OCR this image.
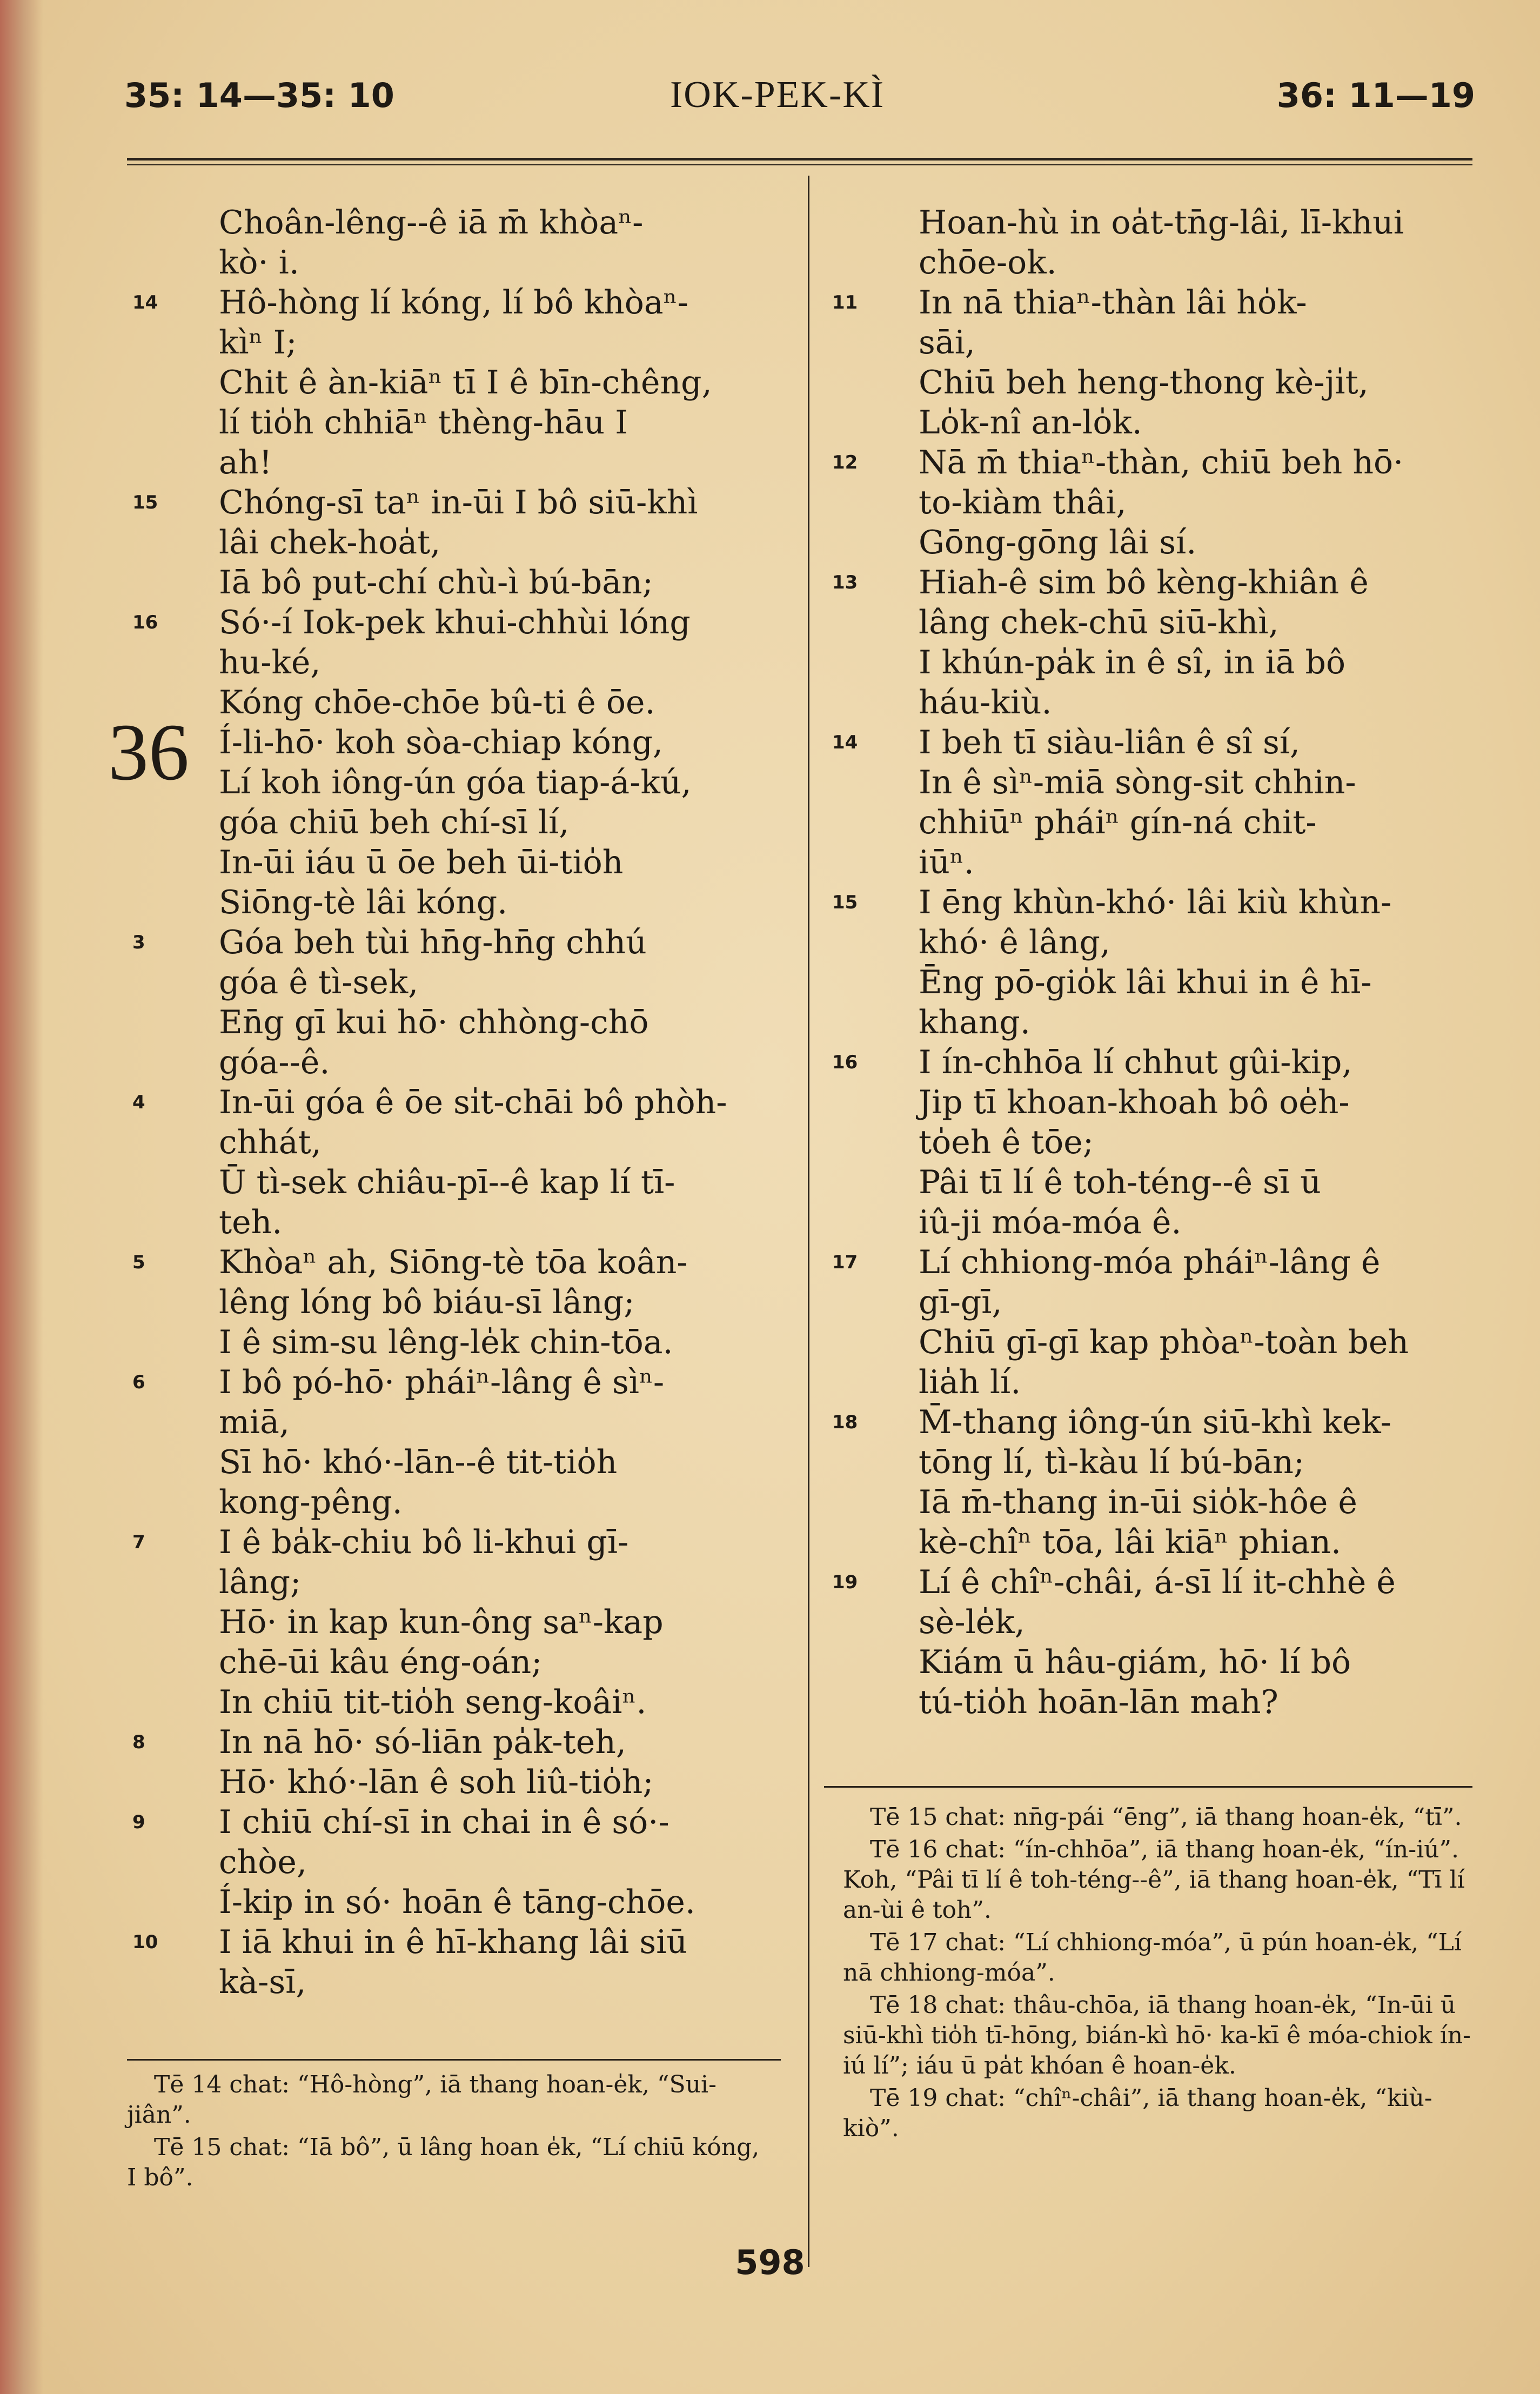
35: 14—35: 10	IOK-PEK-KÌ	36: 11—19
Choân-lêng--ê iā m̄ khòaⁿ-
kò· i.
14 Hô-hòng lí kóng, lí bô khòaⁿ-
kìⁿ I;
Chit ê àn-kiāⁿ tī I ê bīn-chêng,
lí tio̍h chhiāⁿ thèng-hāu I
ah!
15 Chóng-sī taⁿ in-ūi I bô siū-khì
lâi chek-hoa̍t,
Iā bô put-chí chù-ì bú-bān;
16 Só·-í Iok-pek khui-chhùi lóng
hu-ké,
Kóng chōe-chōe bû-ti ê ōe.
36 Í-li-hō· koh sòa-chiap kóng,
Lí koh iông-ún góa tiap-á-kú,
góa chiū beh chí-sī lí,
In-ūi iáu ū ōe beh ūi-tio̍h
Siōng-tè lâi kóng.
3 Góa beh tùi hn̄g-hn̄g chhú
góa ê tì-sek,
En̄g gī kui hō· chhòng-chō
góa--ê.
4 In-ūi góa ê ōe si̍t-chāi bô phòh-
chhát,
Ū tì-sek chiâu-pī--ê kap lí tī-
teh.
5 Khòaⁿ ah, Siōng-tè tōa koân-
lêng lóng bô biáu-sī lâng;
I ê sim-su lêng-le̍k chin-tōa.
6 I bô pó-hō· pháiⁿ-lâng ê sìⁿ-
miā,
Sī hō· khó·-lān--ê tit-tio̍h
kong-pêng.
7 I ê ba̍k-chiu bô li-khui gī-
lâng;
Hō· in kap kun-ông saⁿ-kap
chē-ūi kâu éng-oán;
In chiū tit-tio̍h seng-koâiⁿ.
8 In nā hō· só-liān pa̍k-teh,
Hō· khó·-lān ê soh liû-tio̍h;
9 I chiū chí-sī in chai in ê só·-
chòe,
Í-kip in só· hoān ê tāng-chōe.
10 I iā khui in ê hī-khang lâi siū
kà-sī,
Hoan-hù in oa̍t-tn̄g-lâi, lī-khui
chōe-ok.
11 In nā thiaⁿ-thàn lâi ho̍k-
sāi,
Chiū beh heng-thong kè-ji̍t,
Lo̍k-nî an-lo̍k.
12 Nā m̄ thiaⁿ-thàn, chiū beh hō·
to-kiàm thâi,
Gōng-gōng lâi sí.
13 Hiah-ê sim bô kèng-khiân ê
lâng chek-chū siū-khì,
I khún-pa̍k in ê sî, in iā bô
háu-kiù.
14 I beh tī siàu-liân ê sî sí,
In ê sìⁿ-miā sòng-sit chhin-
chhiūⁿ pháiⁿ gín-ná chit-
iūⁿ.
15 I ēng khùn-khó· lâi kiù khùn-
khó· ê lâng,
Ēng pō-gio̍k lâi khui in ê hī-
khang.
16 I ín-chhōa lí chhut gûi-kip,
Jip tī khoan-khoah bô oe̍h-
to̍eh ê tōe;
Pâi tī lí ê toh-téng--ê sī ū
iû-ji móa-móa ê.
17 Lí chhiong-móa pháiⁿ-lâng ê
gī-gī,
Chiū gī-gī kap phòaⁿ-toàn beh
lia̍h lí.
18 M̄-thang iông-ún siū-khì kek-
tōng lí, tì-kàu lí bú-bān;
Iā m̄-thang in-ūi sio̍k-hôe ê
kè-chîⁿ tōa, lâi kiāⁿ phian.
19 Lí ê chîⁿ-châi, á-sī lí it-chhè ê
sè-le̍k,
Kiám ū hâu-giám, hō· lí bô
tú-tio̍h hoān-lān mah?
Tē 14 chat: “Hô-hòng”, iā thang hoan-e̍k, “Sui-jiân”.
Tē 15 chat: “Iā bô”, ū lâng hoan e̍k, “Lí chiū kóng, I bô”.
Tē 15 chat: nn̄g-pái “ēng”, iā thang hoan-e̍k, “tī”.
Tē 16 chat: “ín-chhōa”, iā thang hoan-e̍k, “ín-iú”. Koh, “Pâi tī lí ê toh-téng--ê”, iā thang hoan-e̍k, “Tī lí an-ùi ê toh”.
Tē 17 chat: “Lí chhiong-móa”, ū pún hoan-e̍k, “Lí nā chhiong-móa”.
Tē 18 chat: thâu-chōa, iā thang hoan-e̍k, “In-ūi ū siū-khì tio̍h tī-hōng, bián-kì hō· ka-kī ê móa-chiok ín-iú lí”; iáu ū pa̍t khóan ê hoan-e̍k.
Tē 19 chat: “chîⁿ-châi”, iā thang hoan-e̍k, “kiù-kiò”.
598
